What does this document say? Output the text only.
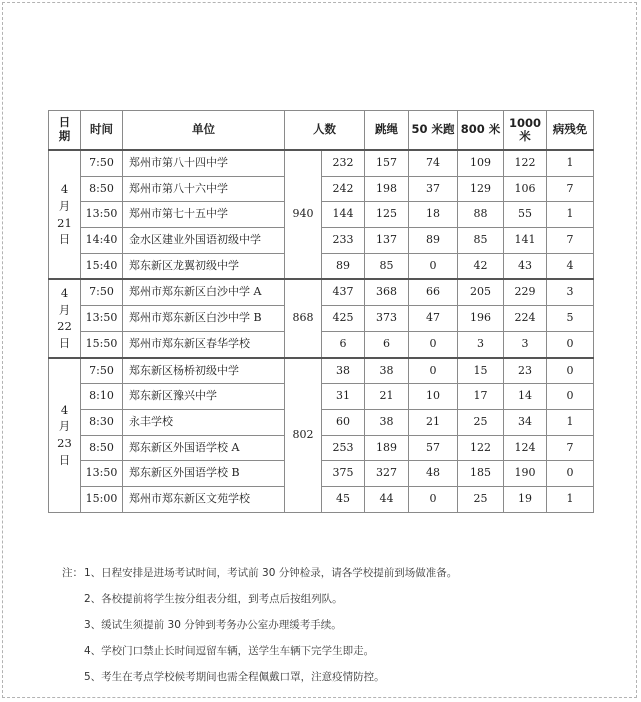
日期	时间	单位	人数		跳绳	50 米跑	800 米	1000 米	病残免
4
月
21
日	7:50	郑州市第八十四中学	940	232	157	74	109	122	1
	8:50	郑州市第八十六中学		242	198	37	129	106	7
	13:50	郑州市第七十五中学		144	125	18	88	55	1
	14:40	金水区建业外国语初级中学		233	137	89	85	141	7
	15:40	郑东新区龙翼初级中学		89	85	0	42	43	4
4
月
22
日	7:50	郑州市郑东新区白沙中学 A	868	437	368	66	205	229	3
	13:50	郑州市郑东新区白沙中学 B		425	373	47	196	224	5
	15:50	郑州市郑东新区春华学校		6	6	0	3	3	0
4
月
23
日	7:50	郑东新区杨桥初级中学	802	38	38	0	15	23	0
	8:10	郑东新区豫兴中学		31	21	10	17	14	0
	8:30	永丰学校		60	38	21	25	34	1
	8:50	郑东新区外国语学校 A		253	189	57	122	124	7
	13:50	郑东新区外国语学校 B		375	327	48	185	190	0
	15:00	郑州市郑东新区文苑学校		45	44	0	25	19	1
注：1、日程安排是进场考试时间，考试前 30 分钟检录，请各学校提前到场做准备。
2、各校提前将学生按分组表分组，到考点后按组列队。
3、缓试生须提前 30 分钟到考务办公室办理缓考手续。
4、学校门口禁止长时间逗留车辆，送学生车辆下完学生即走。
5、考生在考点学校候考期间也需全程佩戴口罩，注意疫情防控。
